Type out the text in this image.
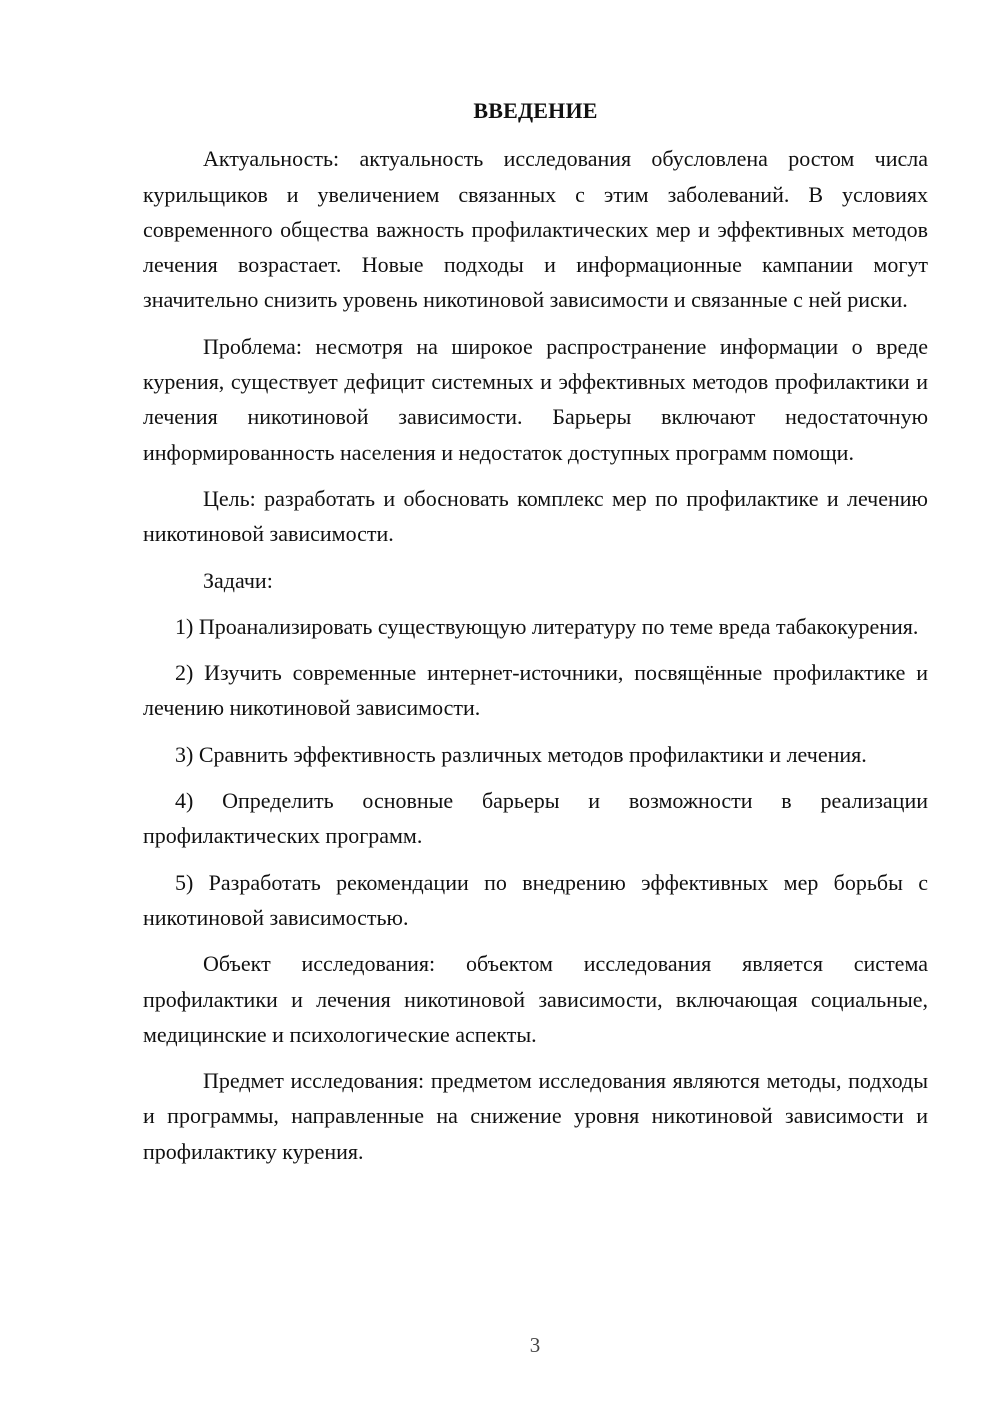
ВВЕДЕНИЕ

Актуальность: актуальность исследования обусловлена ростом числа курильщиков и увеличением связанных с этим заболеваний. В условиях современного общества важность профилактических мер и эффективных методов лечения возрастает. Новые подходы и информационные кампании могут значительно снизить уровень никотиновой зависимости и связанные с ней риски.

Проблема: несмотря на широкое распространение информации о вреде курения, существует дефицит системных и эффективных методов профилактики и лечения никотиновой зависимости. Барьеры включают недостаточную информированность населения и недостаток доступных программ помощи.

Цель: разработать и обосновать комплекс мер по профилактике и лечению никотиновой зависимости.

Задачи:

1) Проанализировать существующую литературу по теме вреда табакокурения.

2) Изучить современные интернет-источники, посвящённые профилактике и лечению никотиновой зависимости.

3) Сравнить эффективность различных методов профилактики и лечения.

4) Определить основные барьеры и возможности в реализации профилактических программ.

5) Разработать рекомендации по внедрению эффективных мер борьбы с никотиновой зависимостью.

Объект исследования: объектом исследования является система профилактики и лечения никотиновой зависимости, включающая социальные, медицинские и психологические аспекты.

Предмет исследования: предметом исследования являются методы, подходы и программы, направленные на снижение уровня никотиновой зависимости и профилактику курения.

3
